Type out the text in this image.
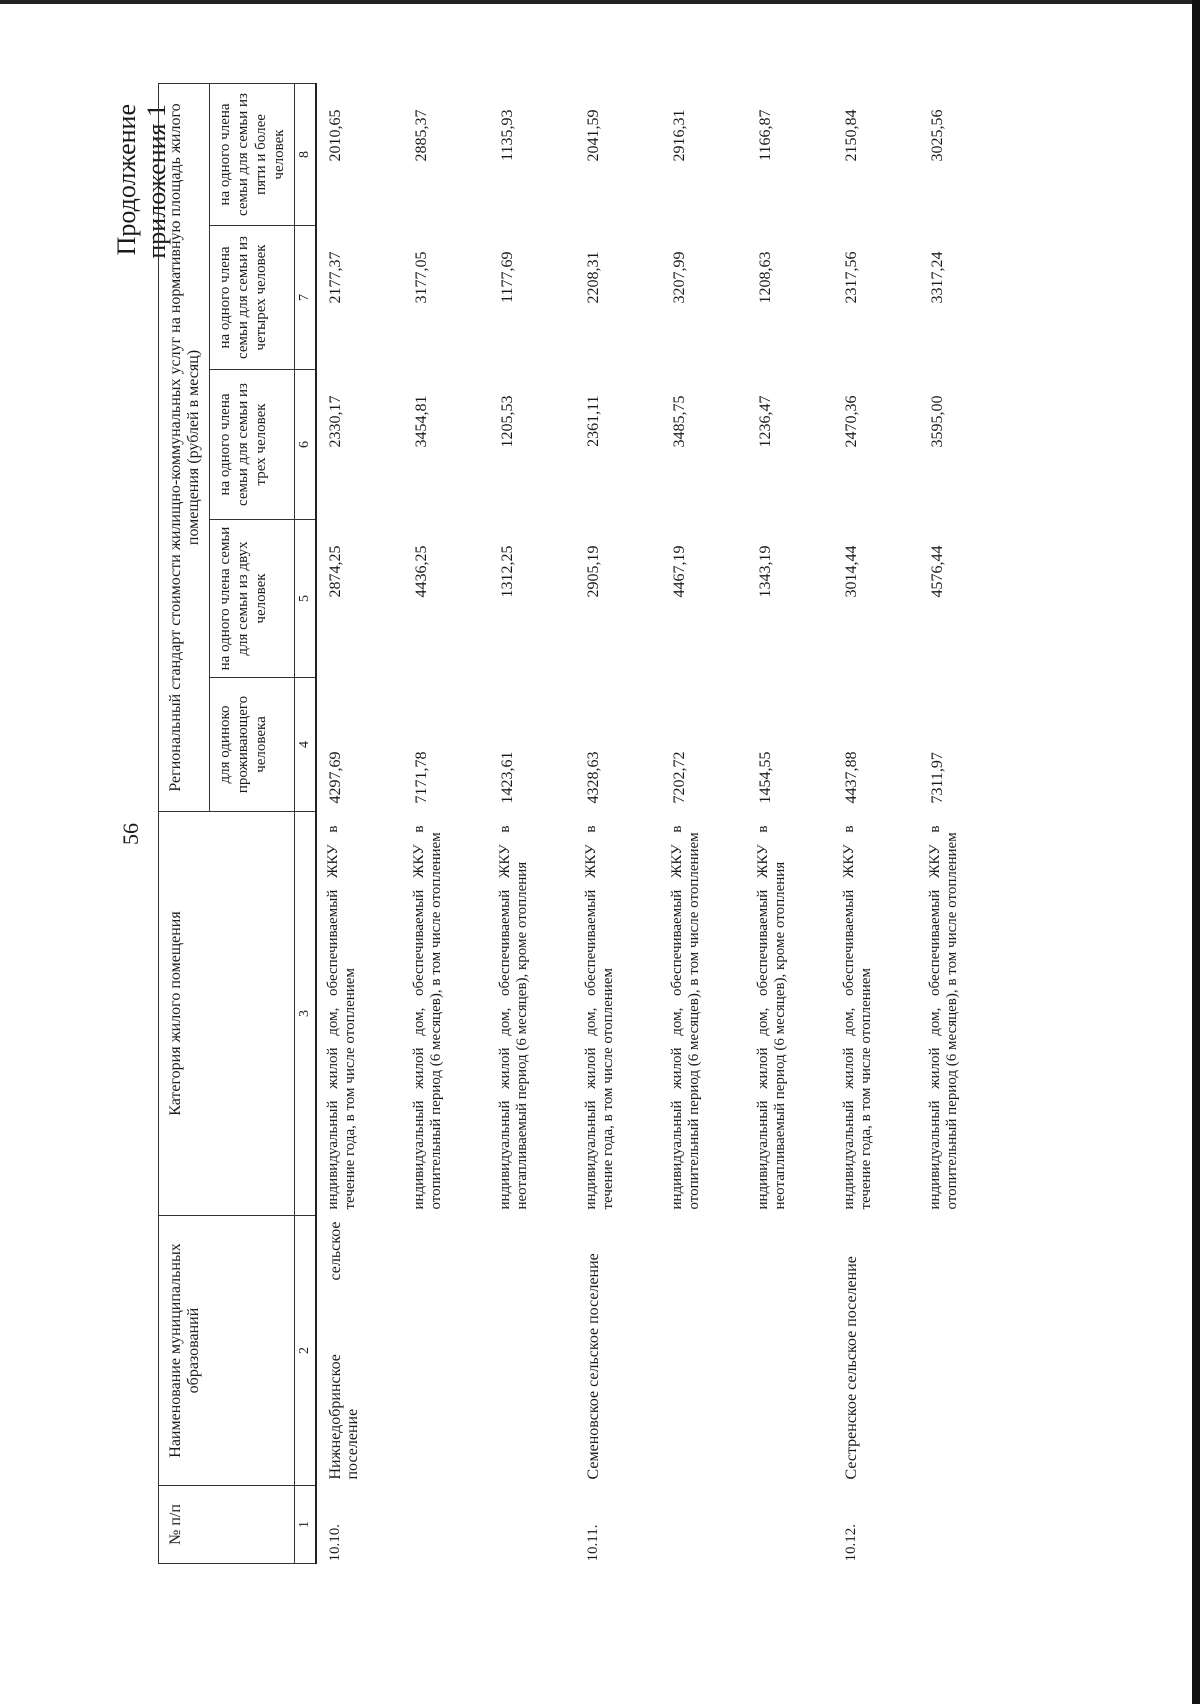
56
Продолжение приложения 1
№ п/п	Наименование муниципальных образований	Категория жилого помещения	Региональный стандарт стоимости жилищно-коммунальных услуг на нормативную площадь жилого помещения (рублей в месяц)				
			для одиноко проживающего человека	на одного члена семьи для семьи из двух человек	на одного члена семьи для семьи из трех человек	на одного члена семьи для семьи из четырех человек	на одного члена семьи для семьи из пяти и более человек
1	2	3	4	5	6	7	8

10.10.	Нижнедобринское сельское поселение	индивидуальный жилой дом, обеспечиваемый ЖКУ в течение года, в том числе отоплением	4297,69	2874,25	2330,17	2177,37	2010,65
		индивидуальный жилой дом, обеспечиваемый ЖКУ в отопительный период (6 месяцев), в том числе отоплением	7171,78	4436,25	3454,81	3177,05	2885,37
		индивидуальный жилой дом, обеспечиваемый ЖКУ в неотапливаемый период (6 месяцев), кроме отопления	1423,61	1312,25	1205,53	1177,69	1135,93
10.11.	Семеновское сельское поселение	индивидуальный жилой дом, обеспечиваемый ЖКУ в течение года, в том числе отоплением	4328,63	2905,19	2361,11	2208,31	2041,59
		индивидуальный жилой дом, обеспечиваемый ЖКУ в отопительный период (6 месяцев), в том числе отоплением	7202,72	4467,19	3485,75	3207,99	2916,31
		индивидуальный жилой дом, обеспечиваемый ЖКУ в неотапливаемый период (6 месяцев), кроме отопления	1454,55	1343,19	1236,47	1208,63	1166,87
10.12.	Сестренское сельское поселение	индивидуальный жилой дом, обеспечиваемый ЖКУ в течение года, в том числе отоплением	4437,88	3014,44	2470,36	2317,56	2150,84
		индивидуальный жилой дом, обеспечиваемый ЖКУ в отопительный период (6 месяцев), в том числе отоплением	7311,97	4576,44	3595,00	3317,24	3025,56
